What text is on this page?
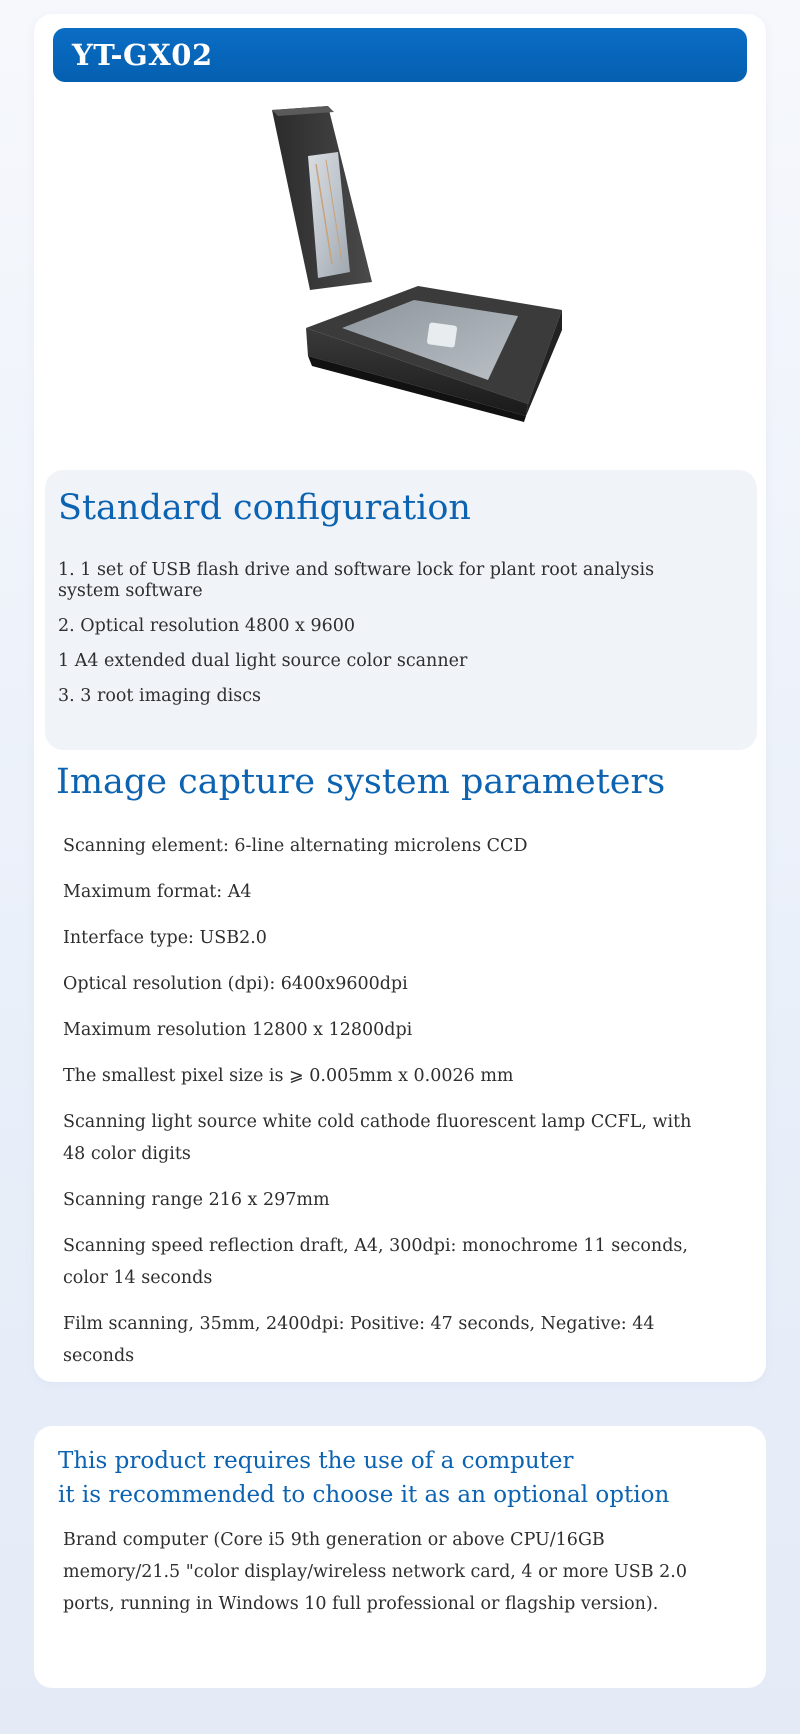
YT-GX02
Standard configuration
1. 1 set of USB flash drive and software lock for plant root analysis system software
2. Optical resolution 4800 x 9600
1 A4 extended dual light source color scanner
3. 3 root imaging discs
Image capture system parameters
Scanning element: 6-line alternating microlens CCD
Maximum format: A4
Interface type: USB2.0
Optical resolution (dpi): 6400x9600dpi
Maximum resolution 12800 x 12800dpi
The smallest pixel size is ⩾ 0.005mm x 0.0026 mm
Scanning light source white cold cathode fluorescent lamp CCFL, with 48 color digits
Scanning range 216 x 297mm
Scanning speed reflection draft, A4, 300dpi: monochrome 11 seconds, color 14 seconds
Film scanning, 35mm, 2400dpi: Positive: 47 seconds, Negative: 44 seconds
This product requires the use of a computer
it is recommended to choose it as an optional option
Brand computer (Core i5 9th generation or above CPU/16GB memory/21.5 "color display/wireless network card, 4 or more USB 2.0 ports, running in Windows 10 full professional or flagship version).
